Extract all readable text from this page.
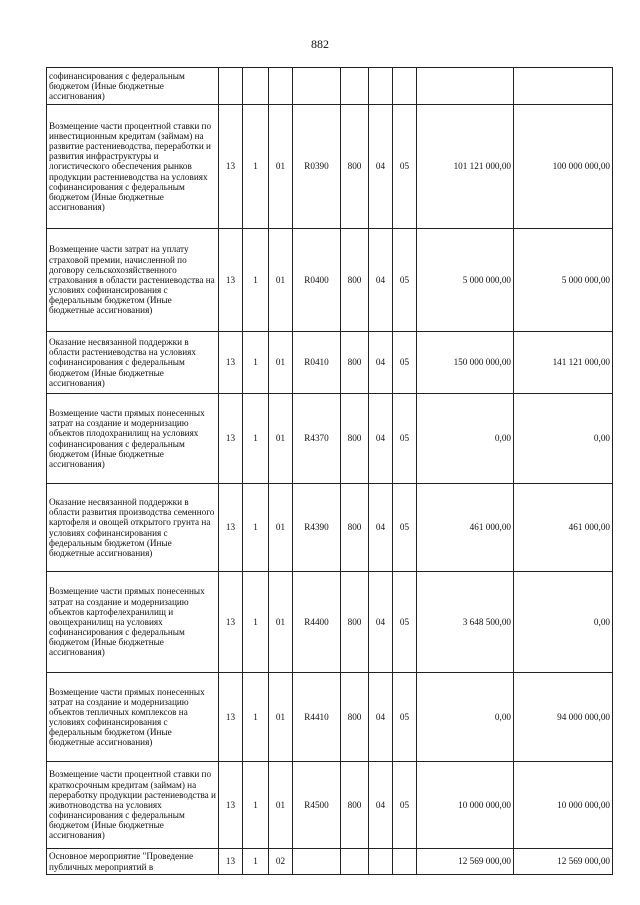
882
софинансирования с федеральным бюджетом (Иные бюджетные ассигнования)									
Возмещение части процентной ставки по инвестиционным кредитам (займам) на развитие растениеводства, переработки и развития инфраструктуры и логистического обеспечения рынков продукции растениеводства на условиях софинансирования с федеральным бюджетом (Иные бюджетные ассигнования)	13	1	01	R0390	800	04	05	101 121 000,00	100 000 000,00
Возмещение части затрат на уплату страховой премии, начисленной по договору сельскохозяйственного страхования в области растениеводства на условиях софинансирования с федеральным бюджетом (Иные бюджетные ассигнования)	13	1	01	R0400	800	04	05	5 000 000,00	5 000 000,00
Оказание несвязанной поддержки в области растениеводства на условиях софинансирования с федеральным бюджетом (Иные бюджетные ассигнования)	13	1	01	R0410	800	04	05	150 000 000,00	141 121 000,00
Возмещение части прямых понесенных затрат на создание и модернизацию объектов плодохранилищ на условиях софинансирования с федеральным бюджетом (Иные бюджетные ассигнования)	13	1	01	R4370	800	04	05	0,00	0,00
Оказание несвязанной поддержки в области развития производства семенного картофеля и овощей открытого грунта на условиях софинансирования с федеральным бюджетом (Иные бюджетные ассигнования)	13	1	01	R4390	800	04	05	461 000,00	461 000,00
Возмещение части прямых понесенных затрат на создание и модернизацию объектов картофелехранилищ и овощехранилищ на условиях софинансирования с федеральным бюджетом (Иные бюджетные ассигнования)	13	1	01	R4400	800	04	05	3 648 500,00	0,00
Возмещение части прямых понесенных затрат на создание и модернизацию объектов тепличных комплексов на условиях софинансирования с федеральным бюджетом (Иные бюджетные ассигнования)	13	1	01	R4410	800	04	05	0,00	94 000 000,00
Возмещение части процентной ставки по краткосрочным кредитам (займам) на переработку продукции растениеводства и животноводства на условиях софинансирования с федеральным бюджетом (Иные бюджетные ассигнования)	13	1	01	R4500	800	04	05	10 000 000,00	10 000 000,00
Основное мероприятие "Проведение публичных мероприятий в	13	1	02					12 569 000,00	12 569 000,00
